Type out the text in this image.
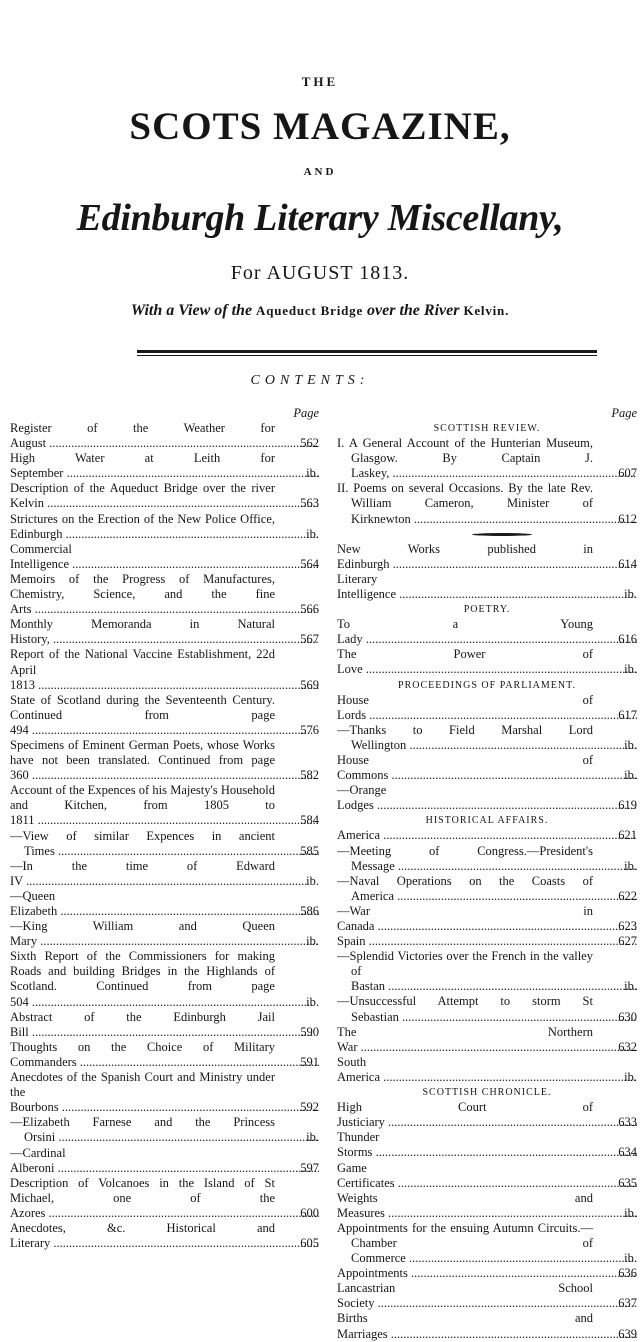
THE
SCOTS MAGAZINE,
AND
Edinburgh Literary Miscellany,
For AUGUST 1813.
With a View of the Aqueduct Bridge over the River Kelvin.
CONTENTS:
Page
Register of the Weather for August .....	562
High Water at Leith for September .....	ib.
Description of the Aqueduct Bridge over the river Kelvin .....	563
Strictures on the Erection of the New Police Office, Edinburgh .....	ib.
Commercial Intelligence .....	564
Memoirs of the Progress of Manufactures, Chemistry, Science, and the fine Arts .....	566
Monthly Memoranda in Natural History, .....	567
Report of the National Vaccine Establishment, 22d April 1813 .....	569
State of Scotland during the Seventeenth Century. Continued from page 494 .....	576
Specimens of Eminent German Poets, whose Works have not been translated. Continued from page 360 .....	582
Account of the Expences of his Majesty's Household and Kitchen, from 1805 to 1811 .....	584
—View of similar Expences in ancient Times .....	585
—In the time of Edward IV .....	ib.
—Queen Elizabeth .....	586
—King William and Queen Mary .....	ib.
Sixth Report of the Commissioners for making Roads and building Bridges in the Highlands of Scotland. Continued from page 504 .....	ib.
Abstract of the Edinburgh Jail Bill .....	590
Thoughts on the Choice of Military Commanders .....	591
Anecdotes of the Spanish Court and Ministry under the Bourbons .....	592
—Elizabeth Farnese and the Princess Orsini .....	ib.
—Cardinal Alberoni .....	597
Description of Volcanoes in the Island of St Michael, one of the Azores .....	600
Anecdotes, &c. Historical and Literary .....	605
Page
SCOTTISH REVIEW.
I. A General Account of the Hunterian Museum, Glasgow. By Captain J. Laskey, .....	607
II. Poems on several Occasions. By the late Rev. William Cameron, Minister of Kirknewton .....	612
New Works published in Edinburgh .....	614
Literary Intelligence .....	ib.
POETRY.
To a Young Lady .....	616
The Power of Love .....	ib.
PROCEEDINGS OF PARLIAMENT.
House of Lords .....	617
—Thanks to Field Marshal Lord Wellington .....	ib.
House of Commons .....	ib.
—Orange Lodges .....	619
HISTORICAL AFFAIRS.
America .....	621
—Meeting of Congress.—President's Message .....	ib.
—Naval Operations on the Coasts of America .....	622
—War in Canada .....	623
Spain .....	627
—Splendid Victories over the French in the valley of Bastan .....	ib.
—Unsuccessful Attempt to storm St Sebastian .....	630
The Northern War .....	632
South America .....	ib.
SCOTTISH CHRONICLE.
High Court of Justiciary .....	633
Thunder Storms .....	634
Game Certificates .....	635
Weights and Measures .....	ib.
Appointments for the ensuing Autumn Circuits.—Chamber of Commerce .....	ib.
Appointments .....	636
Lancastrian School Society .....	637
Births and Marriages .....	639
